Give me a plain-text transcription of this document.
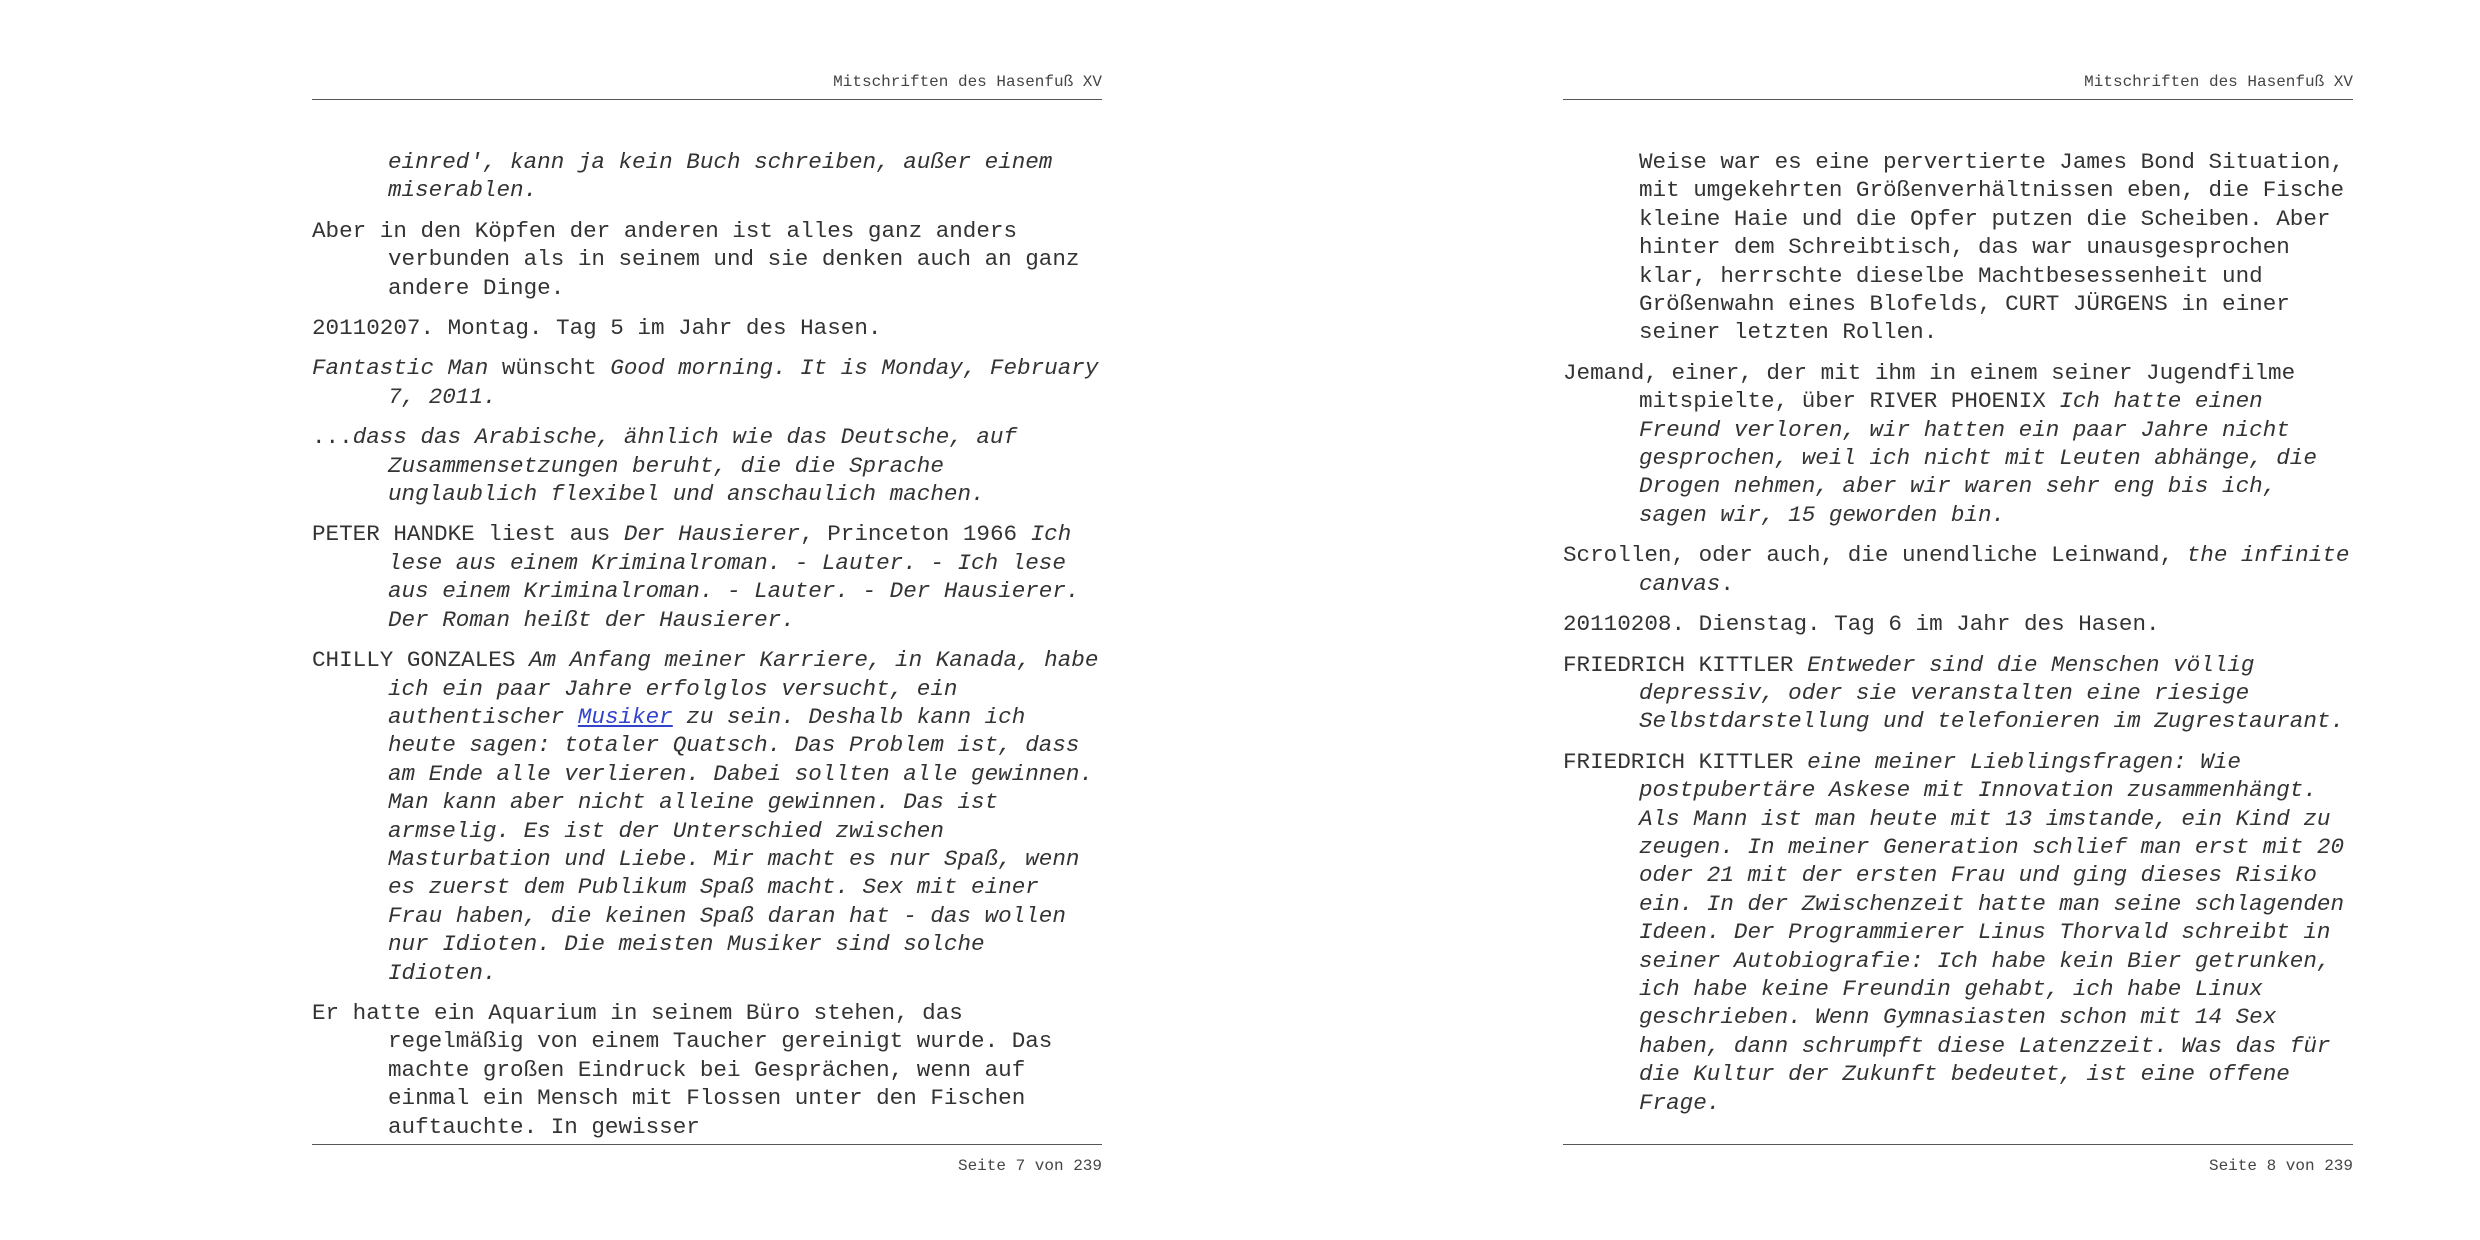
Mitschriften des Hasenfuß XV

einred', kann ja kein Buch schreiben, außer einem miserablen.

Aber in den Köpfen der anderen ist alles ganz anders verbunden als in seinem und sie denken auch an ganz andere Dinge.

20110207. Montag. Tag 5 im Jahr des Hasen.

Fantastic Man wünscht Good morning. It is Monday, February 7, 2011.

...dass das Arabische, ähnlich wie das Deutsche, auf Zusammensetzungen beruht, die die Sprache unglaublich flexibel und anschaulich machen.

PETER HANDKE liest aus Der Hausierer, Princeton 1966 Ich lese aus einem Kriminalroman. - Lauter. - Ich lese aus einem Kriminalroman. - Lauter. - Der Hausierer. Der Roman heißt der Hausierer.

CHILLY GONZALES Am Anfang meiner Karriere, in Kanada, habe ich ein paar Jahre erfolglos versucht, ein authentischer Musiker zu sein. Deshalb kann ich heute sagen: totaler Quatsch. Das Problem ist, dass am Ende alle verlieren. Dabei sollten alle gewinnen. Man kann aber nicht alleine gewinnen. Das ist armselig. Es ist der Unterschied zwischen Masturbation und Liebe. Mir macht es nur Spaß, wenn es zuerst dem Publikum Spaß macht. Sex mit einer Frau haben, die keinen Spaß daran hat - das wollen nur Idioten. Die meisten Musiker sind solche Idioten.

Er hatte ein Aquarium in seinem Büro stehen, das regelmäßig von einem Taucher gereinigt wurde. Das machte großen Eindruck bei Gesprächen, wenn auf einmal ein Mensch mit Flossen unter den Fischen auftauchte. In gewisser

Seite 7 von 239
Mitschriften des Hasenfuß XV

Weise war es eine pervertierte James Bond Situation, mit umgekehrten Größenverhältnissen eben, die Fische kleine Haie und die Opfer putzen die Scheiben. Aber hinter dem Schreibtisch, das war unausgesprochen klar, herrschte dieselbe Machtbesessenheit und Größenwahn eines Blofelds, CURT JÜRGENS in einer seiner letzten Rollen.

Jemand, einer, der mit ihm in einem seiner Jugendfilme mitspielte, über RIVER PHOENIX Ich hatte einen Freund verloren, wir hatten ein paar Jahre nicht gesprochen, weil ich nicht mit Leuten abhänge, die Drogen nehmen, aber wir waren sehr eng bis ich, sagen wir, 15 geworden bin.

Scrollen, oder auch, die unendliche Leinwand, the infinite canvas.

20110208. Dienstag. Tag 6 im Jahr des Hasen.

FRIEDRICH KITTLER Entweder sind die Menschen völlig depressiv, oder sie veranstalten eine riesige Selbstdarstellung und telefonieren im Zugrestaurant.

FRIEDRICH KITTLER eine meiner Lieblingsfragen: Wie postpubertäre Askese mit Innovation zusammenhängt. Als Mann ist man heute mit 13 imstande, ein Kind zu zeugen. In meiner Generation schlief man erst mit 20 oder 21 mit der ersten Frau und ging dieses Risiko ein. In der Zwischenzeit hatte man seine schlagenden Ideen. Der Programmierer Linus Thorvald schreibt in seiner Autobiografie: Ich habe kein Bier getrunken, ich habe keine Freundin gehabt, ich habe Linux geschrieben. Wenn Gymnasiasten schon mit 14 Sex haben, dann schrumpft diese Latenzzeit. Was das für die Kultur der Zukunft bedeutet, ist eine offene Frage.

Seite 8 von 239
